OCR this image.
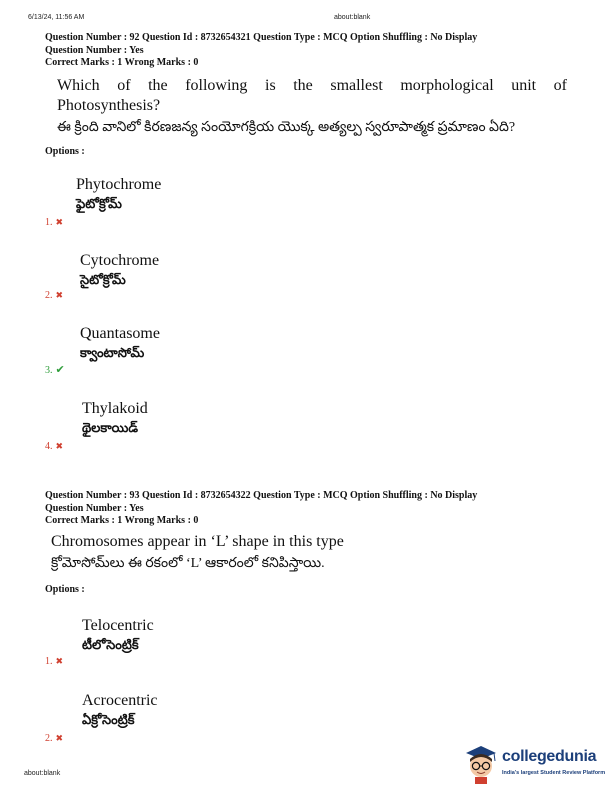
6/13/24, 11:56 AM	about:blank
Question Number : 92 Question Id : 8732654321 Question Type : MCQ Option Shuffling : No Display
Question Number : Yes
Correct Marks : 1 Wrong Marks : 0
Which of the following is the smallest morphological unit of Photosynthesis?
ఈ క్రింది వానిలో కిరణజన్య సంయోగక్రియ యొక్క అత్యల్ప స్వరూపాత్మక ప్రమాణం ఏది?
Options :
Phytochrome
ఫైటోక్రోమ్
1. ✖
Cytochrome
సైటోక్రోమ్
2. ✖
Quantasome
క్వాంటాసోమ్
3. ✔
Thylakoid
థైలకాయిడ్
4. ✖
Question Number : 93 Question Id : 8732654322 Question Type : MCQ Option Shuffling : No Display
Question Number : Yes
Correct Marks : 1 Wrong Marks : 0
Chromosomes appear in ‘L’ shape in this type
క్రోమోసోమ్‌లు ఈ రకంలో ‘L’ ఆకారంలో కనిపిస్తాయి.
Options :
Telocentric
టీలోసెంట్రిక్
1. ✖
Acrocentric
ఏక్రోసెంట్రిక్
2. ✖
about:blank
collegedunia
India's largest Student Review Platform
